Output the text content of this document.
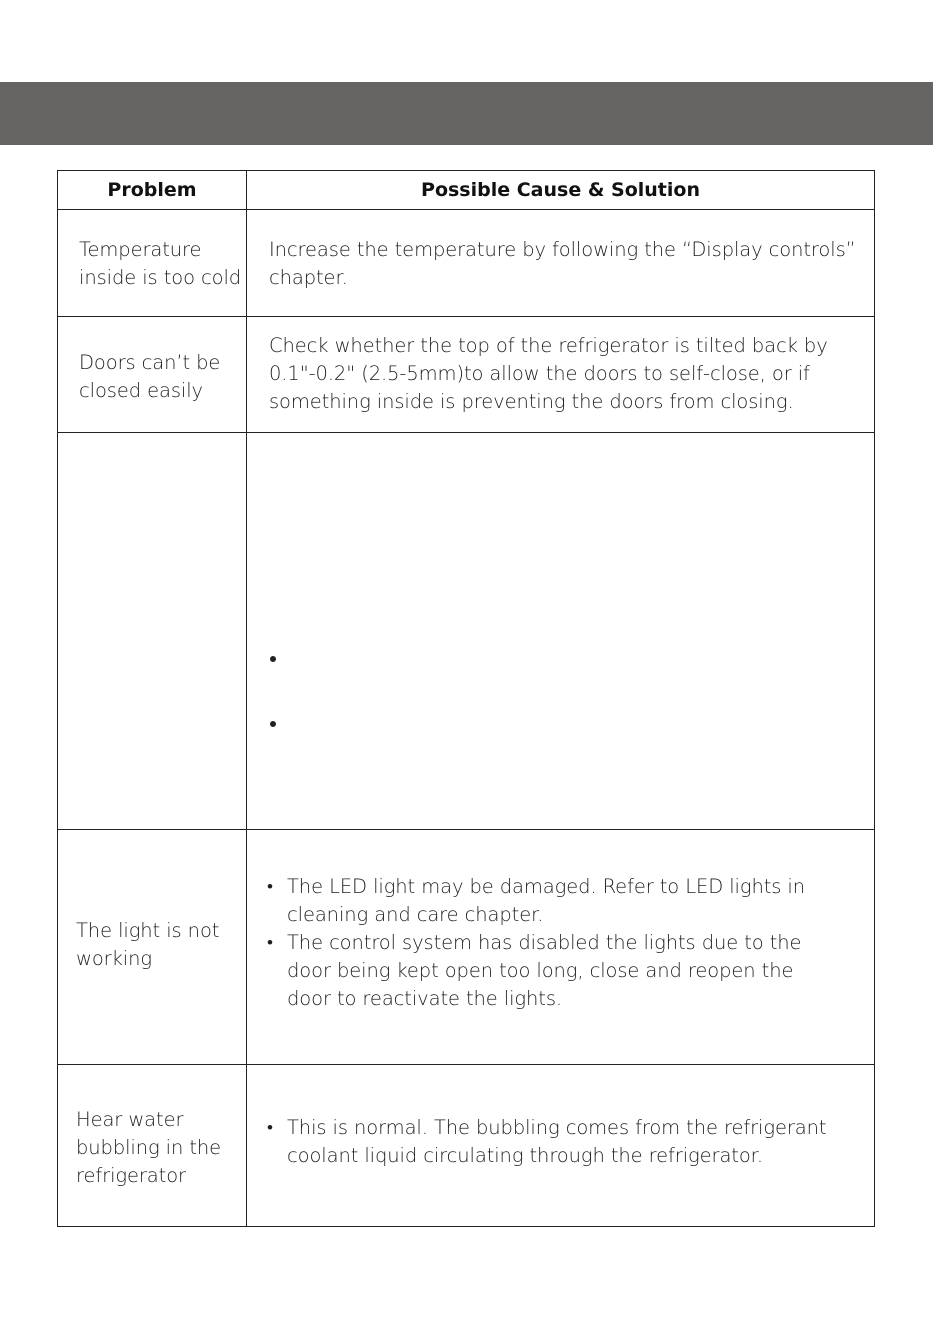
Problem	Possible Cause & Solution
Temperature inside is too cold
Increase the temperature by following the “Display controls” chapter.
Doors can’t be closed easily
Check whether the top of the refrigerator is tilted back by 0.1"-0.2" (2.5-5mm)to allow the doors to self-close, or if something inside is preventing the doors from closing.
The light is not working
• The LED light may be damaged. Refer to LED lights in cleaning and care chapter.
• The control system has disabled the lights due to the door being kept open too long, close and reopen the door to reactivate the lights.
Hear water bubbling in the refrigerator
• This is normal. The bubbling comes from the refrigerant coolant liquid circulating through the refrigerator.
